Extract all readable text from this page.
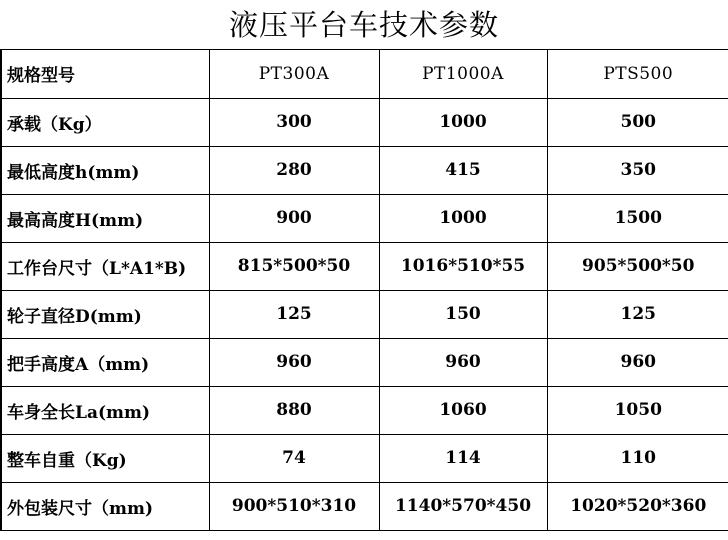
液压平台车技术参数
规格型号	PT300A	PT1000A	PTS500
承载（Kg）	300	1000	500
最低高度h(mm)	280	415	350
最高高度H(mm)	900	1000	1500
工作台尺寸（L*A1*B)	815*500*50	1016*510*55	905*500*50
轮子直径D(mm)	125	150	125
把手高度A（mm)	960	960	960
车身全长La(mm)	880	1060	1050
整车自重（Kg)	74	114	110
外包装尺寸（mm)	900*510*310	1140*570*450	1020*520*360
